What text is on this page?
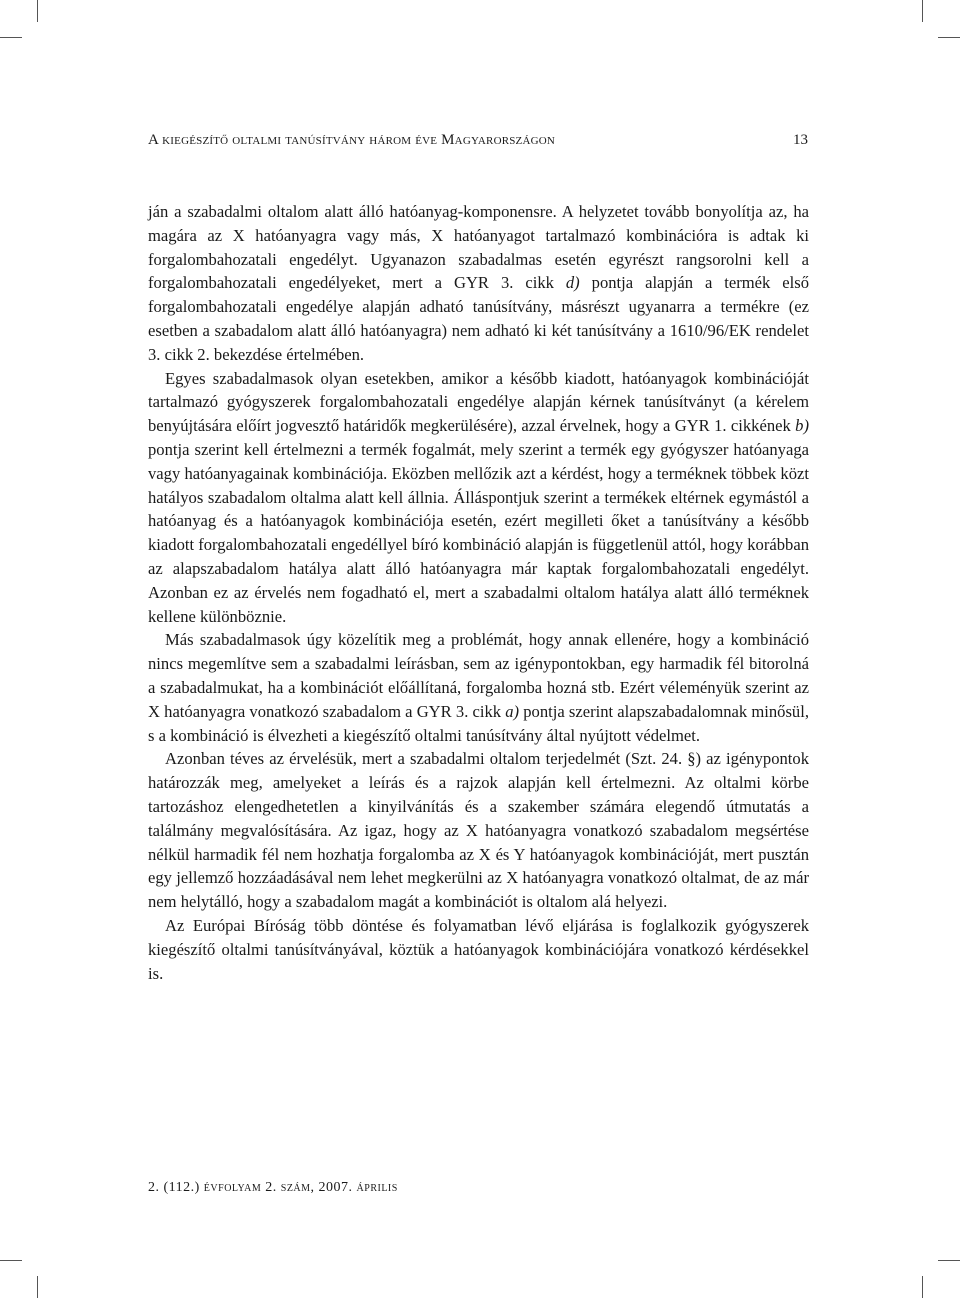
A kiegészítő oltalmi tanúsítvány három éve Magyarországon	13

ján a szabadalmi oltalom alatt álló hatóanyag-komponensre. A helyzetet tovább bonyolítja az, ha magára az X hatóanyagra vagy más, X hatóanyagot tartalmazó kombinációra is adtak ki forgalombahozatali engedélyt. Ugyanazon szabadalmas esetén egyrészt rangsorolni kell a forgalombahozatali engedélyeket, mert a GYR 3. cikk d) pontja alapján a termék első forgalombahozatali engedélye alapján adható tanúsítvány, másrészt ugyanarra a termékre (ez esetben a szabadalom alatt álló hatóanyagra) nem adható ki két tanúsítvány a 1610/96/EK rendelet 3. cikk 2. bekezdése értelmében.

Egyes szabadalmasok olyan esetekben, amikor a később kiadott, hatóanyagok kombinációját tartalmazó gyógyszerek forgalombahozatali engedélye alapján kérnek tanúsítványt (a kérelem benyújtására előírt jogvesztő határidők megkerülésére), azzal érvelnek, hogy a GYR 1. cikkének b) pontja szerint kell értelmezni a termék fogalmát, mely szerint a termék egy gyógyszer hatóanyaga vagy hatóanyagainak kombinációja. Eközben mellőzik azt a kérdést, hogy a terméknek többek közt hatályos szabadalom oltalma alatt kell állnia. Álláspontjuk szerint a termékek eltérnek egymástól a hatóanyag és a hatóanyagok kombinációja esetén, ezért megilleti őket a tanúsítvány a később kiadott forgalombahozatali engedéllyel bíró kombináció alapján is függetlenül attól, hogy korábban az alapszabadalom hatálya alatt álló hatóanyagra már kaptak forgalombahozatali engedélyt. Azonban ez az érvelés nem fogadható el, mert a szabadalmi oltalom hatálya alatt álló terméknek kellene különböznie.

Más szabadalmasok úgy közelítik meg a problémát, hogy annak ellenére, hogy a kombináció nincs megemlítve sem a szabadalmi leírásban, sem az igénypontokban, egy harmadik fél bitorolná a szabadalmukat, ha a kombinációt előállítaná, forgalomba hozná stb. Ezért véleményük szerint az X hatóanyagra vonatkozó szabadalom a GYR 3. cikk a) pontja szerint alapszabadalomnak minősül, s a kombináció is élvezheti a kiegészítő oltalmi tanúsítvány által nyújtott védelmet.

Azonban téves az érvelésük, mert a szabadalmi oltalom terjedelmét (Szt. 24. §) az igénypontok határozzák meg, amelyeket a leírás és a rajzok alapján kell értelmezni. Az oltalmi körbe tartozáshoz elengedhetetlen a kinyilvánítás és a szakember számára elegendő útmutatás a találmány megvalósítására. Az igaz, hogy az X hatóanyagra vonatkozó szabadalom megsértése nélkül harmadik fél nem hozhatja forgalomba az X és Y hatóanyagok kombinációját, mert pusztán egy jellemző hozzáadásával nem lehet megkerülni az X hatóanyagra vonatkozó oltalmat, de az már nem helytálló, hogy a szabadalom magát a kombinációt is oltalom alá helyezi.

Az Európai Bíróság több döntése és folyamatban lévő eljárása is foglalkozik gyógyszerek kiegészítő oltalmi tanúsítványával, köztük a hatóanyagok kombinációjára vonatkozó kérdésekkel is.

2. (112.) évfolyam 2. szám, 2007. április
